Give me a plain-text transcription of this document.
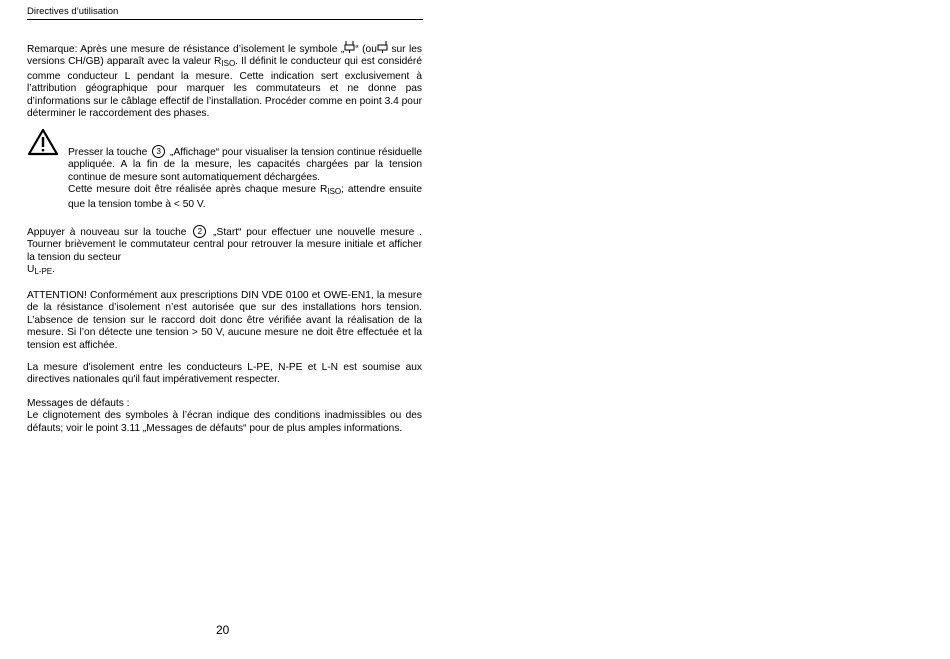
Directives d’utilisation
Remarque: Après une mesure de résistance d’isolement le symbole „ “ (ou sur les versions CH/GB) apparaît avec la valeur $R_{ISO}$. Il définit le conducteur qui est considéré comme conducteur L pendant la mesure. Cette indication sert exclusivement à l’attribution géographique pour marquer les commutateurs et ne donne pas d’informations sur le câblage effectif de l’installation. Procéder comme en point 3.4 pour déterminer le raccordement des phases.
Presser la touche 3 „Affichage“ pour visualiser la tension continue résiduelle appliquée. A la fin de la mesure, les capacités chargées par la tension continue de mesure sont automatiquement déchargées.
Cette mesure doit être réalisée après chaque mesure $R_{ISO}$; attendre ensuite que la tension tombe à < 50 V.
Appuyer à nouveau sur la touche 2 „Start“ pour effectuer une nouvelle mesure . Tourner brièvement le commutateur central pour retrouver la mesure initiale et afficher la tension du secteur
$U_{L-PE}$.
ATTENTION! Conformément aux prescriptions DIN VDE 0100 et OWE-EN1, la mesure de la résistance d’isolement n’est autorisée que sur des installations hors tension. L’absence de tension sur le raccord doit donc être vérifiée avant la réalisation de la mesure. Si l’on détecte une tension > 50 V, aucune mesure ne doit être effectuée et la tension est affichée.
La mesure d'isolement entre les conducteurs L-PE, N-PE et L-N est soumise aux directives nationales qu'il faut impérativement respecter.
Messages de défauts :
Le clignotement des symboles à l’écran indique des conditions inadmissibles ou des défauts; voir le point 3.11 „Messages de défauts“ pour de plus amples informations.
20
